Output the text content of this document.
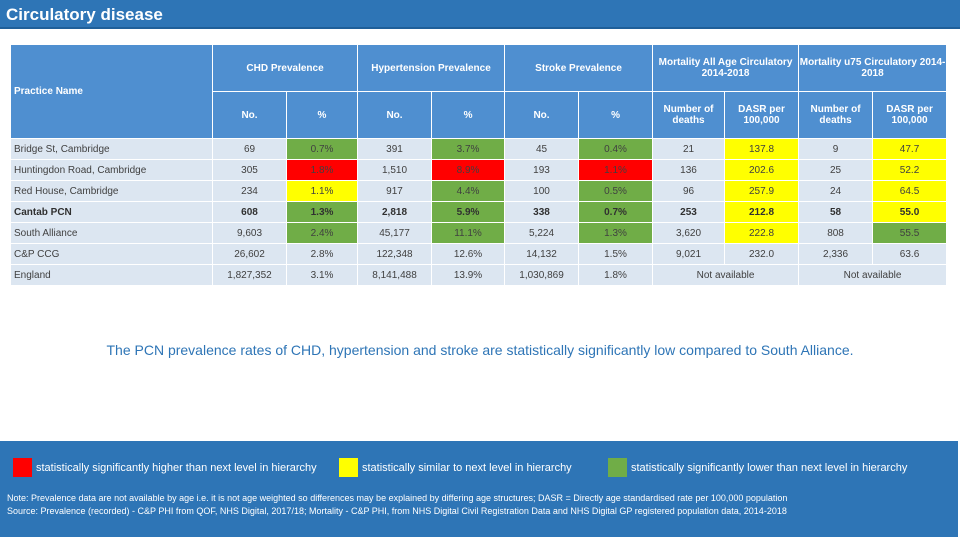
Circulatory disease
Practice Name	CHD Prevalence		Hypertension Prevalence		Stroke Prevalence		Mortality All Age Circulatory 2014-2018		Mortality u75 Circulatory 2014-2018	
	No.	%	No.	%	No.	%	Number of deaths	DASR per 100,000	Number of deaths	DASR per 100,000
Bridge St, Cambridge	69	0.7%	391	3.7%	45	0.4%	21	137.8	9	47.7
Huntingdon Road, Cambridge	305	1.8%	1,510	8.9%	193	1.1%	136	202.6	25	52.2
Red House, Cambridge	234	1.1%	917	4.4%	100	0.5%	96	257.9	24	64.5
Cantab PCN	608	1.3%	2,818	5.9%	338	0.7%	253	212.8	58	55.0
South Alliance	9,603	2.4%	45,177	11.1%	5,224	1.3%	3,620	222.8	808	55.5
C&P CCG	26,602	2.8%	122,348	12.6%	14,132	1.5%	9,021	232.0	2,336	63.6
England	1,827,352	3.1%	8,141,488	13.9%	1,030,869	1.8%	Not available		Not available	
The PCN prevalence rates of CHD, hypertension and stroke are statistically significantly low compared to South Alliance.
statistically significantly higher than next level in hierarchy	statistically similar to next level in hierarchy	statistically significantly lower than next level in hierarchy
Note: Prevalence data are not available by age i.e. it is not age weighted so differences may be explained by differing age structures; DASR = Directly age standardised rate per 100,000 population
Source: Prevalence (recorded) - C&P PHI from QOF, NHS Digital, 2017/18; Mortality - C&P PHI, from NHS Digital Civil Registration Data and NHS Digital GP registered population data, 2014-2018
